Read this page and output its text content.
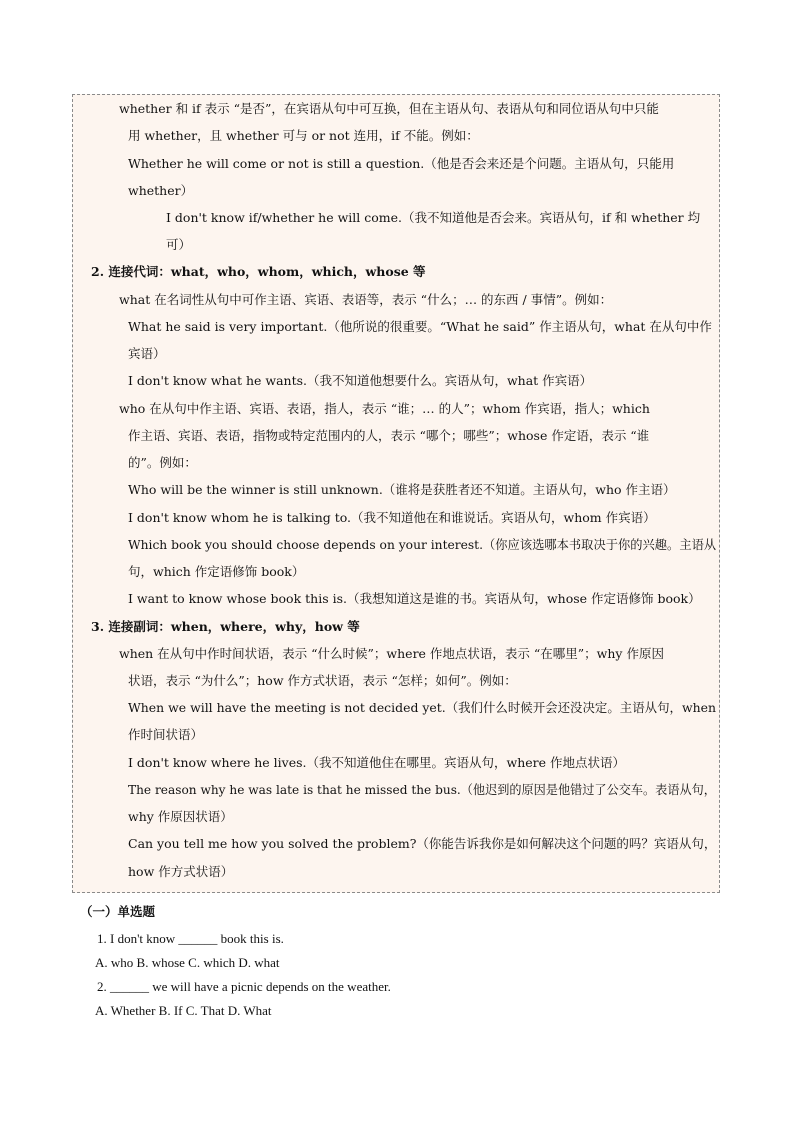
whether 和 if 表示 “是否”，在宾语从句中可互换，但在主语从句、表语从句和同位语从句中只能
用 whether，且 whether 可与 or not 连用，if 不能。例如：
Whether he will come or not is still a question.（他是否会来还是个问题。主语从句，只能用
whether）
I don't know if/whether he will come.（我不知道他是否会来。宾语从句，if 和 whether 均
可）
2. 连接代词：what，who，whom，which，whose 等
what 在名词性从句中可作主语、宾语、表语等，表示 “什么；… 的东西 / 事情”。例如：
What he said is very important.（他所说的很重要。“What he said” 作主语从句，what 在从句中作
宾语）
I don't know what he wants.（我不知道他想要什么。宾语从句，what 作宾语）
who 在从句中作主语、宾语、表语，指人，表示 “谁；… 的人”；whom 作宾语，指人；which
作主语、宾语、表语，指物或特定范围内的人，表示 “哪个；哪些”；whose 作定语，表示 “谁
的”。例如：
Who will be the winner is still unknown.（谁将是获胜者还不知道。主语从句，who 作主语）
I don't know whom he is talking to.（我不知道他在和谁说话。宾语从句，whom 作宾语）
Which book you should choose depends on your interest.（你应该选哪本书取决于你的兴趣。主语从
句，which 作定语修饰 book）
I want to know whose book this is.（我想知道这是谁的书。宾语从句，whose 作定语修饰 book）
3. 连接副词：when，where，why，how 等
when 在从句中作时间状语，表示 “什么时候”；where 作地点状语，表示 “在哪里”；why 作原因
状语，表示 “为什么”；how 作方式状语，表示 “怎样；如何”。例如：
When we will have the meeting is not decided yet.（我们什么时候开会还没决定。主语从句，when
作时间状语）
I don't know where he lives.（我不知道他住在哪里。宾语从句，where 作地点状语）
The reason why he was late is that he missed the bus.（他迟到的原因是他错过了公交车。表语从句，
why 作原因状语）
Can you tell me how you solved the problem?（你能告诉我你是如何解决这个问题的吗？宾语从句，
how 作方式状语）
（一）单选题
1. I don't know ______ book this is.
A. who B. whose C. which D. what
2. ______ we will have a picnic depends on the weather.
A. Whether B. If C. That D. What
